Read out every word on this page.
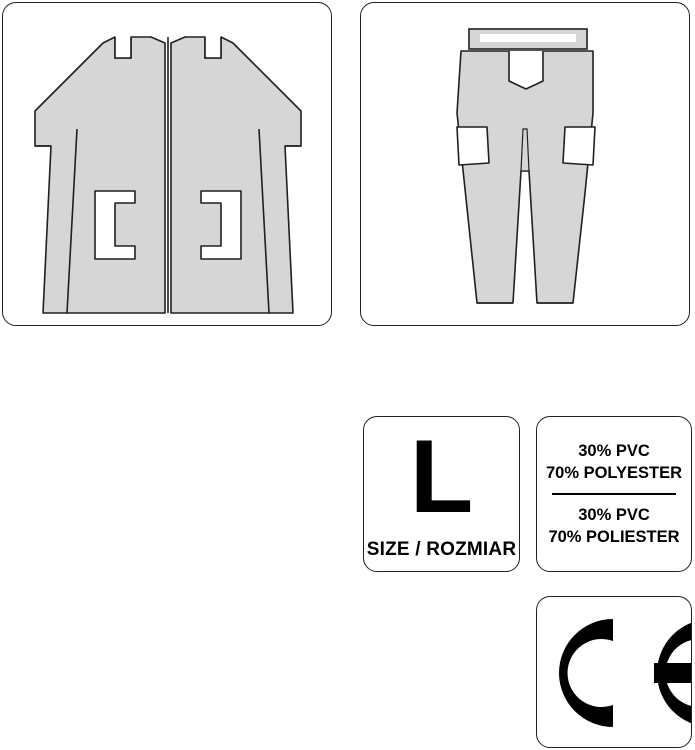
L
SIZE / ROZMIAR
30% PVC
70% POLYESTER
30% PVC
70% POLIESTER
